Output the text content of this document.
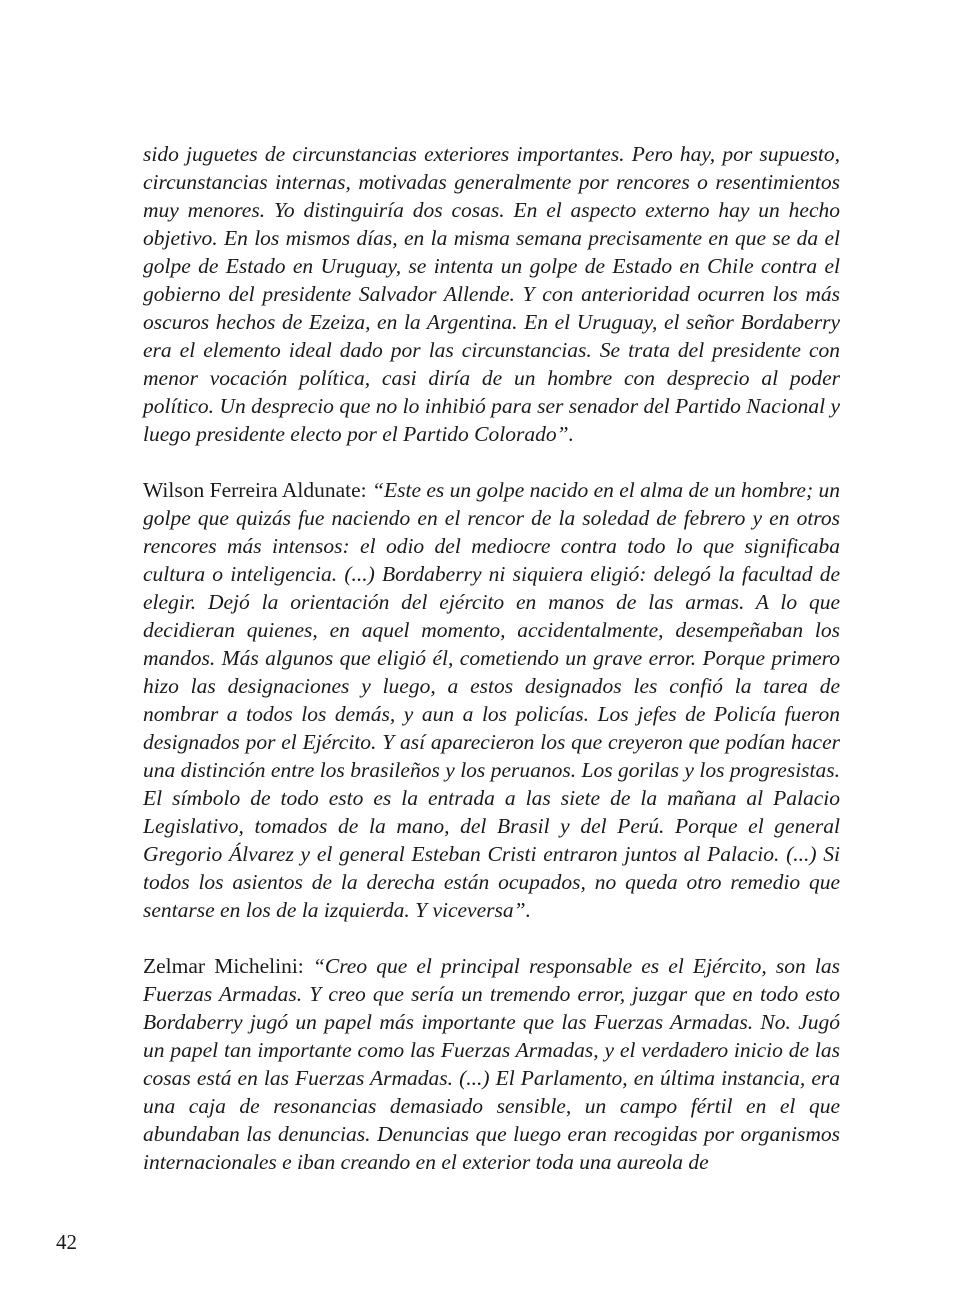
sido juguetes de circunstancias exteriores importantes. Pero hay, por supuesto, circunstancias internas, motivadas generalmente por rencores o resentimientos muy menores. Yo distinguiría dos cosas. En el aspecto externo hay un hecho objetivo. En los mismos días, en la misma semana precisamente en que se da el golpe de Estado en Uruguay, se intenta un golpe de Estado en Chile contra el gobierno del presidente Salvador Allende. Y con anterioridad ocurren los más oscuros hechos de Ezeiza, en la Argentina. En el Uruguay, el señor Bordaberry era el elemento ideal dado por las circunstancias. Se trata del presidente con menor vocación política, casi diría de un hombre con desprecio al poder político. Un desprecio que no lo inhibió para ser senador del Partido Nacional y luego presidente electo por el Partido Colorado”.

Wilson Ferreira Aldunate: “Este es un golpe nacido en el alma de un hombre; un golpe que quizás fue naciendo en el rencor de la soledad de febrero y en otros rencores más intensos: el odio del mediocre contra todo lo que significaba cultura o inteligencia. (...) Bordaberry ni siquiera eligió: delegó la facultad de elegir. Dejó la orientación del ejército en manos de las armas. A lo que decidieran quienes, en aquel momento, accidentalmente, desempeñaban los mandos. Más algunos que eligió él, cometiendo un grave error. Porque primero hizo las designaciones y luego, a estos designados les confió la tarea de nombrar a todos los demás, y aun a los policías. Los jefes de Policía fueron designados por el Ejército. Y así aparecieron los que creyeron que podían hacer una distinción entre los brasileños y los peruanos. Los gorilas y los progresistas. El símbolo de todo esto es la entrada a las siete de la mañana al Palacio Legislativo, tomados de la mano, del Brasil y del Perú. Porque el general Gregorio Álvarez y el general Esteban Cristi entraron juntos al Palacio. (...) Si todos los asientos de la derecha están ocupados, no queda otro remedio que sentarse en los de la izquierda. Y viceversa”.

Zelmar Michelini: “Creo que el principal responsable es el Ejército, son las Fuerzas Armadas. Y creo que sería un tremendo error, juzgar que en todo esto Bordaberry jugó un papel más importante que las Fuerzas Armadas. No. Jugó un papel tan importante como las Fuerzas Armadas, y el verdadero inicio de las cosas está en las Fuerzas Armadas. (...) El Parlamento, en última instancia, era una caja de resonancias demasiado sensible, un campo fértil en el que abundaban las denuncias. Denuncias que luego eran recogidas por organismos internacionales e iban creando en el exterior toda una aureola de

42
